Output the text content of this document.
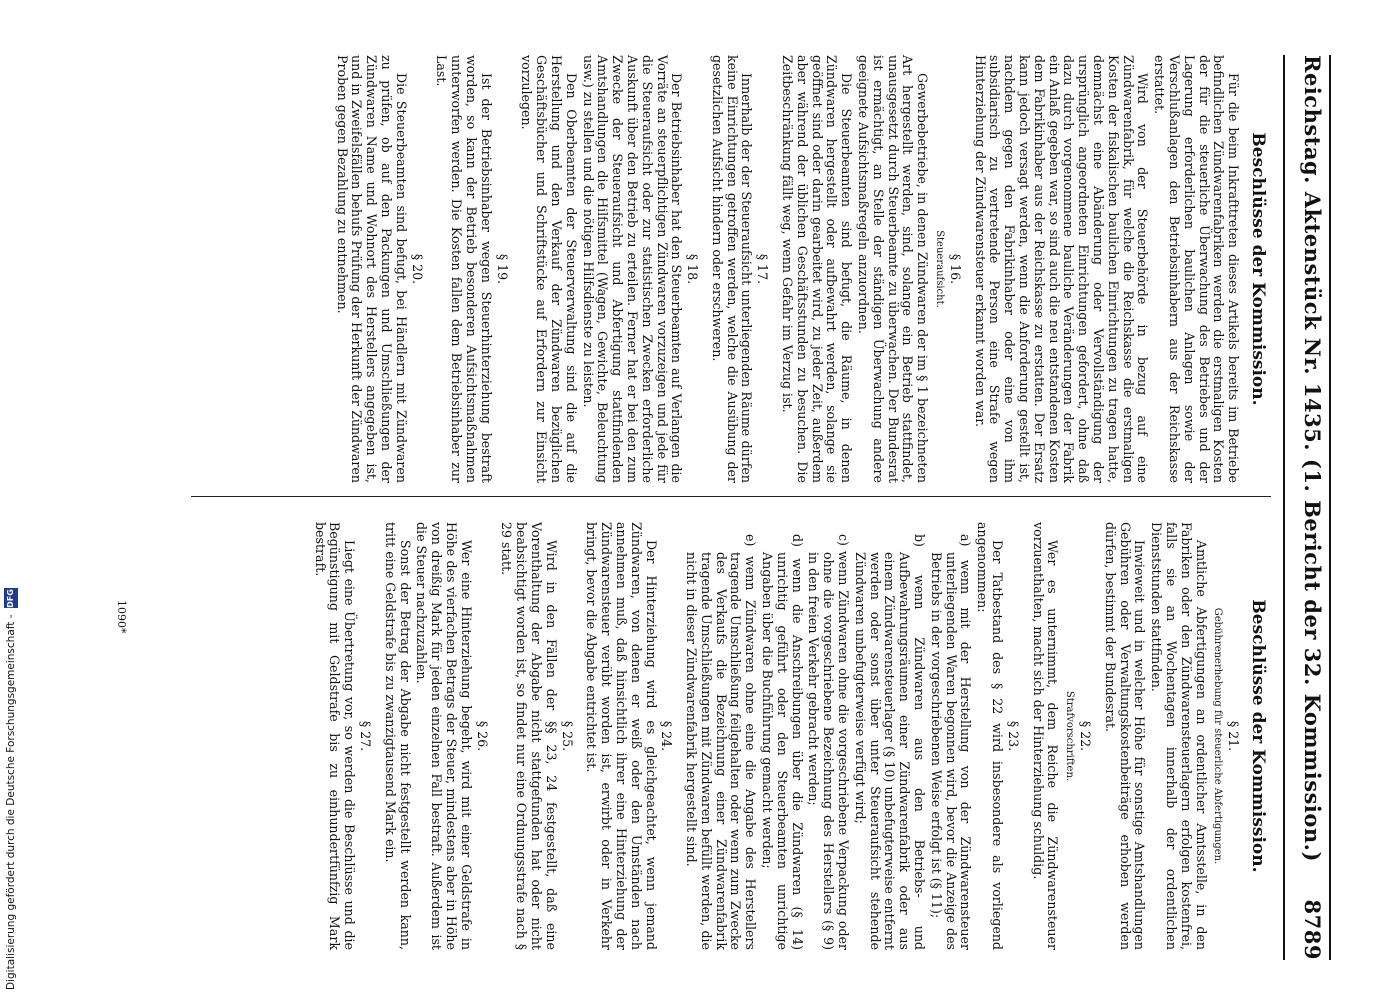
Reichstag. Aktenstück Nr. 1435. (1. Bericht der 32. Kommission.)
8789
Beschlüsse der Kommission.
Für die beim Inkrafttreten dieses Artikels bereits im Betriebe befindlichen Zündwarenfabriken werden die erstmaligen Kosten der für die steuerliche Überwachung des Betriebes und der Lagerung erforderlichen baulichen Anlagen sowie der Verschlußanlagen den Betriebsinhabern aus der Reichskasse erstattet.
Wird von der Steuerbehörde in bezug auf eine Zündwarenfabrik, für welche die Reichskasse die erstmaligen Kosten der fiskalischen baulichen Einrichtungen zu tragen hatte, demnächst eine Abänderung oder Vervollständigung der ursprünglich angeordneten Einrichtungen gefordert, ohne daß dazu durch vorgenommene bauliche Veränderungen der Fabrik ein Anlaß gegeben war, so sind auch die neu entstandenen Kosten dem Fabrikinhaber aus der Reichskasse zu erstatten. Der Ersatz kann jedoch versagt werden, wenn die Anforderung gestellt ist, nachdem gegen den Fabrikinhaber oder eine von ihm subsidiarisch zu vertretende Person eine Strafe wegen Hinterziehung der Zündwarensteuer erkannt worden war.
§ 16.
Steueraufsicht.
Gewerbebetriebe, in denen Zündwaren der im § 1 bezeichneten Art hergestellt werden, sind, solange ein Betrieb stattfindet, unausgesetzt durch Steuerbeamte zu überwachen. Der Bundesrat ist ermächtigt, an Stelle der ständigen Überwachung andere geeignete Aufsichtsmaßregeln anzuordnen.
Die Steuerbeamten sind befugt, die Räume, in denen Zündwaren hergestellt oder aufbewahrt werden, solange sie geöffnet sind oder darin gearbeitet wird, zu jeder Zeit, außerdem aber während der üblichen Geschäftsstunden zu besuchen. Die Zeitbeschränkung fällt weg, wenn Gefahr im Verzug ist.
§ 17.
Innerhalb der der Steueraufsicht unterliegenden Räume dürfen keine Einrichtungen getroffen werden, welche die Ausübung der gesetzlichen Aufsicht hindern oder erschweren.
§ 18.
Der Betriebsinhaber hat den Steuerbeamten auf Verlangen die Vorräte an steuerpflichtigen Zündwaren vorzuzeigen und jede für die Steueraufsicht oder zur statistischen Zwecken erforderliche Auskunft über den Betrieb zu erteilen. Ferner hat er bei den zum Zwecke der Steueraufsicht und Abfertigung stattfindenden Amtshandlungen die Hilfsmittel (Wagen, Gewichte, Beleuchtung usw.) zu stellen und die nötigen Hilfsdienste zu leisten.
Den Oberbeamten der Steuerverwaltung sind die auf die Herstellung und den Verkauf der Zündwaren bezüglichen Geschäftsbücher und Schriftstücke auf Erfordern zur Einsicht vorzulegen.
§ 19.
Ist der Betriebsinhaber wegen Steuerhinterziehung bestraft worden, so kann der Betrieb besonderen Aufsichtsmaßnahmen unterworfen werden. Die Kosten fallen dem Betriebsinhaber zur Last.
§ 20.
Die Steuerbeamten sind befugt, bei Händlern mit Zündwaren zu prüfen, ob auf den Packungen und Umschließungen der Zündwaren Name und Wohnort des Herstellers angegeben ist, und in Zweifelsfällen behufs Prüfung der Herkunft der Zündwaren Proben gegen Bezahlung zu entnehmen.
Beschlüsse der Kommission.
§ 21.
Gebührenerhebung für steuerliche Abfertigungen.
Amtliche Abfertigungen an ordentlicher Amtsstelle, in den Fabriken oder den Zündwarensteuerlagern erfolgen kostenfrei, falls sie an Wochentagen innerhalb der ordentlichen Dienststunden stattfinden.
Inwieweit und in welcher Höhe für sonstige Amtshandlungen Gebühren oder Verwaltungskostenbeiträge erhoben werden dürfen, bestimmt der Bundesrat.
§ 22.
Strafvorschriften.
Wer es unternimmt, dem Reiche die Zündwarensteuer vorzuenthalten, macht sich der Hinterziehung schuldig.
§ 23.
Der Tatbestand des § 22 wird insbesondere als vorliegend angenommen:
a) wenn mit der Herstellung von der Zündwarensteuer unterliegenden Waren begonnen wird, bevor die Anzeige des Betriebs in der vorgeschriebenen Weise erfolgt ist (§ 11);
b) wenn Zündwaren aus den Betriebs- und Aufbewahrungsräumen einer Zündwarenfabrik oder aus einem Zündwarensteuerlager (§ 10) unbefugterweise entfernt werden oder sonst über unter Steueraufsicht stehende Zündwaren unbefugterweise verfügt wird;
c) wenn Zündwaren ohne die vorgeschriebene Verpackung oder ohne die vorgeschriebene Bezeichnung des Herstellers (§ 9) in den freien Verkehr gebracht werden;
d) wenn die Anschreibungen über die Zündwaren (§ 14) unrichtig geführt oder den Steuerbeamten unrichtige Angaben über die Buchführung gemacht werden;
e) wenn Zündwaren ohne eine die Angabe des Herstellers tragende Umschließung feilgehalten oder wenn zum Zwecke des Verkaufs die Bezeichnung einer Zündwarenfabrik tragende Umschließungen mit Zündwaren befüllt werden, die nicht in dieser Zündwarenfabrik hergestellt sind.
§ 24.
Der Hinterziehung wird es gleichgeachtet, wenn jemand Zündwaren, von denen er weiß oder den Umständen nach annehmen muß, daß hinsichtlich ihrer eine Hinterziehung der Zündwarensteuer verübt worden ist, erwirbt oder in Verkehr bringt, bevor die Abgabe entrichtet ist.
§ 25.
Wird in den Fällen der §§ 23, 24 festgestellt, daß eine Vorenthaltung der Abgabe nicht stattgefunden hat oder nicht beabsichtigt worden ist, so findet nur eine Ordnungsstrafe nach § 29 statt.
§ 26.
Wer eine Hinterziehung begeht, wird mit einer Geldstrafe in Höhe des vierfachen Betrags der Steuer, mindestens aber in Höhe von dreißig Mark für jeden einzelnen Fall bestraft. Außerdem ist die Steuer nachzuzahlen.
Sonst der Betrag der Abgabe nicht festgestellt werden kann, tritt eine Geldstrafe bis zu zwanzigtausend Mark ein.
§ 27.
Liegt eine Übertretung vor, so werden die Beschlüsse und die Begünstigung mit Geldstrafe bis zu einhundertfünfzig Mark bestraft.
1090*
Digitalisierung gefördert durch die Deutsche Forschungsgemeinschaft -
DFG
